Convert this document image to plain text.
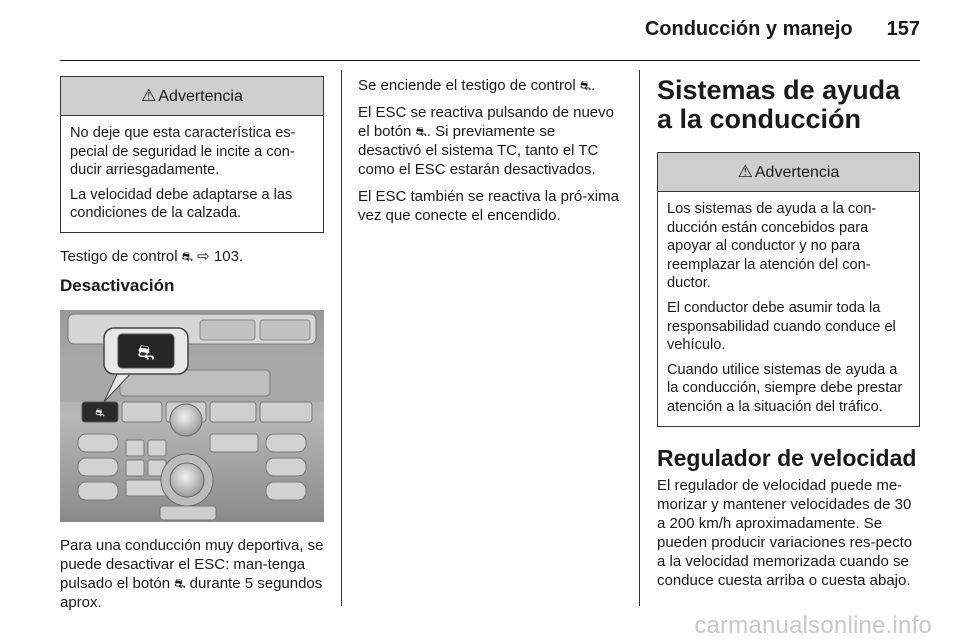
Conducción y manejo 157
⚠ Advertencia

No deje que esta característica es-pecial de seguridad le incite a con-ducir arriesgadamente.

La velocidad debe adaptarse a las condiciones de la calzada.

Testigo de control ⛐ ⇨ 103.

Desactivación
⛐
⛐

Para una conducción muy deportiva, se puede desactivar el ESC: man-tenga pulsado el botón ⛐ durante 5 segundos aprox.

Se enciende el testigo de control ⛐.

El ESC se reactiva pulsando de nuevo el botón ⛐. Si previamente se desactivó el sistema TC, tanto el TC como el ESC estarán desactivados.

El ESC también se reactiva la pró-xima vez que conecte el encendido.

Sistemas de ayuda a la conducción
⚠ Advertencia

Los sistemas de ayuda a la con-ducción están concebidos para apoyar al conductor y no para reemplazar la atención del con-ductor.

El conductor debe asumir toda la responsabilidad cuando conduce el vehículo.

Cuando utilice sistemas de ayuda a la conducción, siempre debe prestar atención a la situación del tráfico.

Regulador de velocidad

El regulador de velocidad puede me-morizar y mantener velocidades de 30 a 200 km/h aproximadamente. Se pueden producir variaciones res-pecto a la velocidad memorizada cuando se conduce cuesta arriba o cuesta abajo.

carmanualsonline.info
